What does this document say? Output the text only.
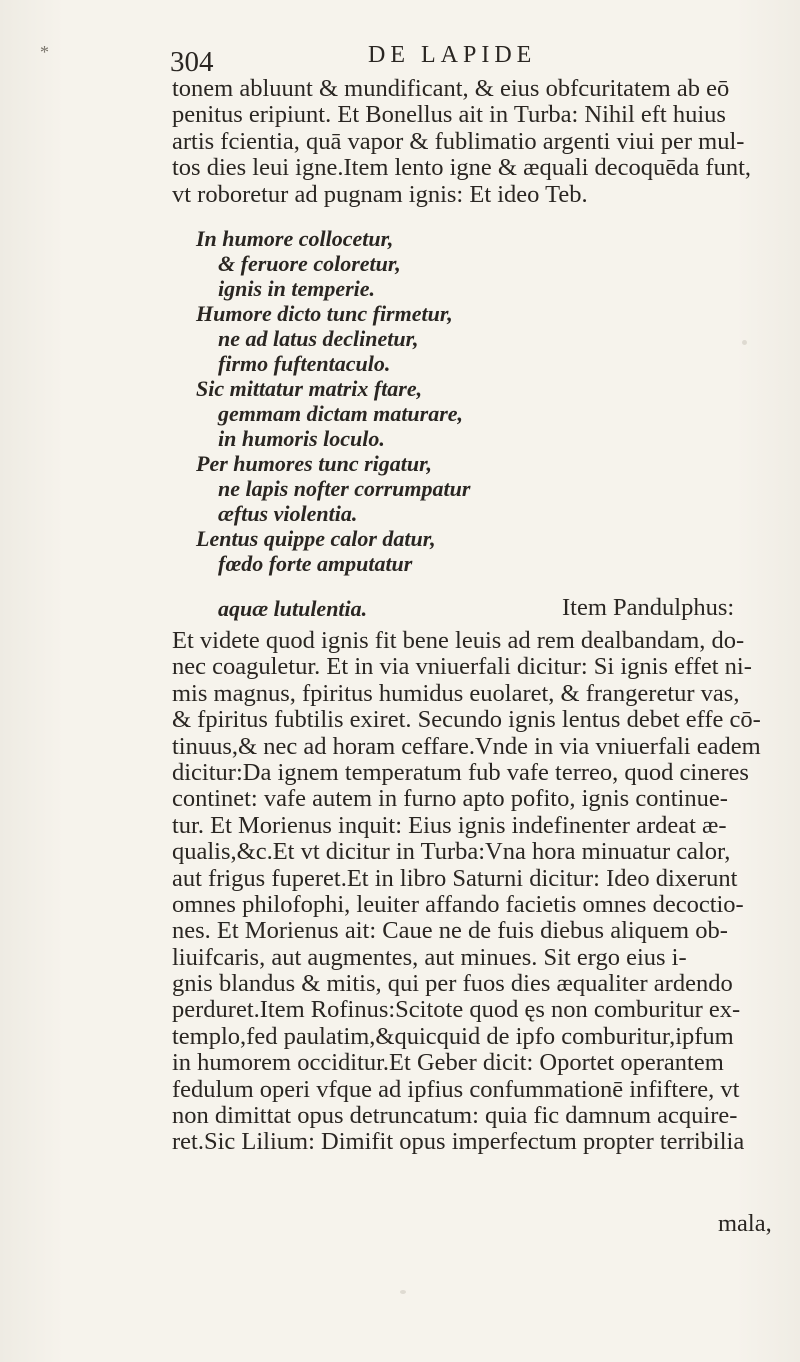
*	304	DE LAPIDE
tonem abluunt & mundificant, & eius obfcuritatem ab eō
penitus eripiunt. Et Bonellus ait in Turba: Nihil eft huius
artis fcientia, quā vapor & fublimatio argenti viui per mul-
tos dies leui igne.Item lento igne & æquali decoquēda funt,
vt roboretur ad pugnam ignis: Et ideo Teb.
In humore collocetur,
& feruore coloretur,
ignis in temperie.
Humore dicto tunc firmetur,
ne ad latus declinetur,
firmo fuftentaculo.
Sic mittatur matrix ftare,
gemmam dictam maturare,
in humoris loculo.
Per humores tunc rigatur,
ne lapis nofter corrumpatur
æftus violentia.
Lentus quippe calor datur,
fœdo forte amputatur
aquæ lutulentia.	Item Pandulphus:
Et videte quod ignis fit bene leuis ad rem dealbandam, do-
nec coaguletur. Et in via vniuerfali dicitur: Si ignis effet ni-
mis magnus, fpiritus humidus euolaret, & frangeretur vas,
& fpiritus fubtilis exiret. Secundo ignis lentus debet effe cō-
tinuus,& nec ad horam ceffare.Vnde in via vniuerfali eadem
dicitur:Da ignem temperatum fub vafe terreo, quod cineres
continet: vafe autem in furno apto pofito, ignis continue-
tur. Et Morienus inquit: Eius ignis indefinenter ardeat æ-
qualis,&c.Et vt dicitur in Turba:Vna hora minuatur calor,
aut frigus fuperet.Et in libro Saturni dicitur: Ideo dixerunt
omnes philofophi, leuiter affando facietis omnes decoctio-
nes. Et Morienus ait: Caue ne de fuis diebus aliquem ob-
liuifcaris, aut augmentes, aut minues. Sit ergo eius i-
gnis blandus & mitis, qui per fuos dies æqualiter ardendo
perduret.Item Rofinus:Scitote quod ęs non comburitur ex-
templo,fed paulatim,&quicquid de ipfo comburitur,ipfum
in humorem occiditur.Et Geber dicit: Oportet operantem
fedulum operi vfque ad ipfius confummationē infiftere, vt
non dimittat opus detruncatum: quia fic damnum acquire-
ret.Sic Lilium: Dimifit opus imperfectum propter terribilia
mala,
